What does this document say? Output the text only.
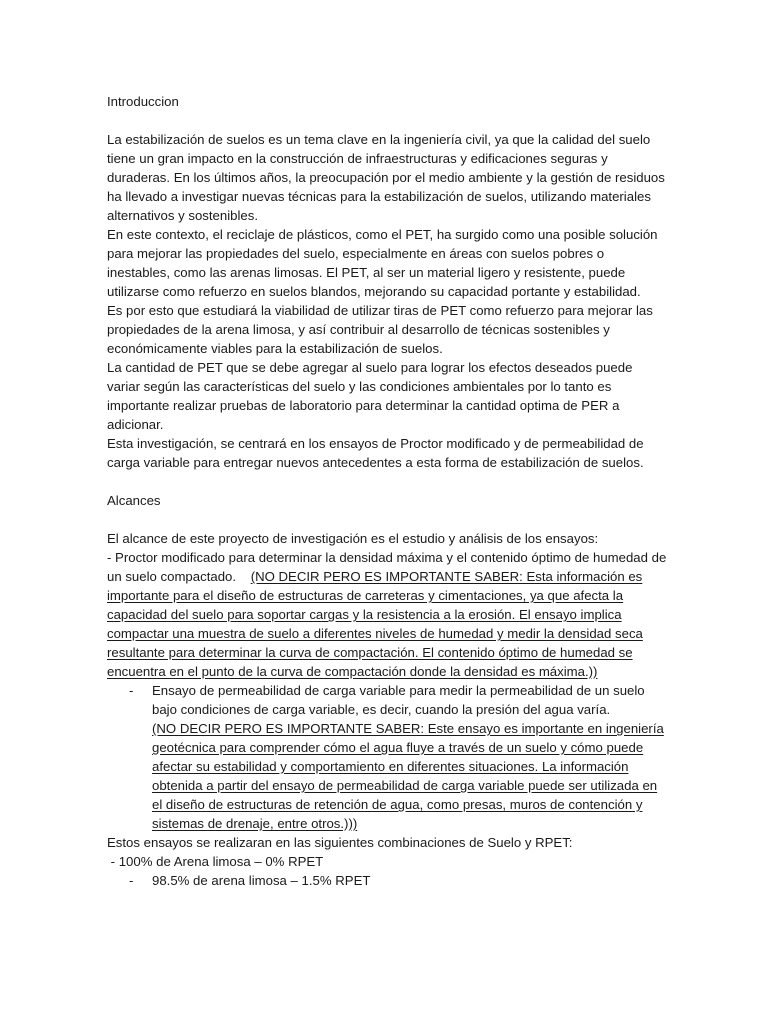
Introduccion

La estabilización de suelos es un tema clave en la ingeniería civil, ya que la calidad del suelo tiene un gran impacto en la construcción de infraestructuras y edificaciones seguras y duraderas. En los últimos años, la preocupación por el medio ambiente y la gestión de residuos ha llevado a investigar nuevas técnicas para la estabilización de suelos, utilizando materiales alternativos y sostenibles.

En este contexto, el reciclaje de plásticos, como el PET, ha surgido como una posible solución para mejorar las propiedades del suelo, especialmente en áreas con suelos pobres o inestables, como las arenas limosas. El PET, al ser un material ligero y resistente, puede utilizarse como refuerzo en suelos blandos, mejorando su capacidad portante y estabilidad.

Es por esto que estudiará la viabilidad de utilizar tiras de PET como refuerzo para mejorar las propiedades de la arena limosa, y así contribuir al desarrollo de técnicas sostenibles y económicamente viables para la estabilización de suelos.

La cantidad de PET que se debe agregar al suelo para lograr los efectos deseados puede variar según las características del suelo y las condiciones ambientales por lo tanto es importante realizar pruebas de laboratorio para determinar la cantidad optima de PER a adicionar.

Esta investigación, se centrará en los ensayos de Proctor modificado y de permeabilidad de carga variable para entregar nuevos antecedentes a esta forma de estabilización de suelos.

Alcances

El alcance de este proyecto de investigación es el estudio y análisis de los ensayos:

- Proctor modificado para determinar la densidad máxima y el contenido óptimo de humedad de un suelo compactado. (NO DECIR PERO ES IMPORTANTE SABER: Esta información es importante para el diseño de estructuras de carreteras y cimentaciones, ya que afecta la capacidad del suelo para soportar cargas y la resistencia a la erosión. El ensayo implica compactar una muestra de suelo a diferentes niveles de humedad y medir la densidad seca resultante para determinar la curva de compactación. El contenido óptimo de humedad se encuentra en el punto de la curva de compactación donde la densidad es máxima.))

-	Ensayo de permeabilidad de carga variable para medir la permeabilidad de un suelo bajo condiciones de carga variable, es decir, cuando la presión del agua varía.

(NO DECIR PERO ES IMPORTANTE SABER: Este ensayo es importante en ingeniería geotécnica para comprender cómo el agua fluye a través de un suelo y cómo puede afectar su estabilidad y comportamiento en diferentes situaciones. La información obtenida a partir del ensayo de permeabilidad de carga variable puede ser utilizada en el diseño de estructuras de retención de agua, como presas, muros de contención y sistemas de drenaje, entre otros.)))

Estos ensayos se realizaran en las siguientes combinaciones de Suelo y RPET:

- 100% de Arena limosa – 0% RPET

-	98.5% de arena limosa – 1.5% RPET
